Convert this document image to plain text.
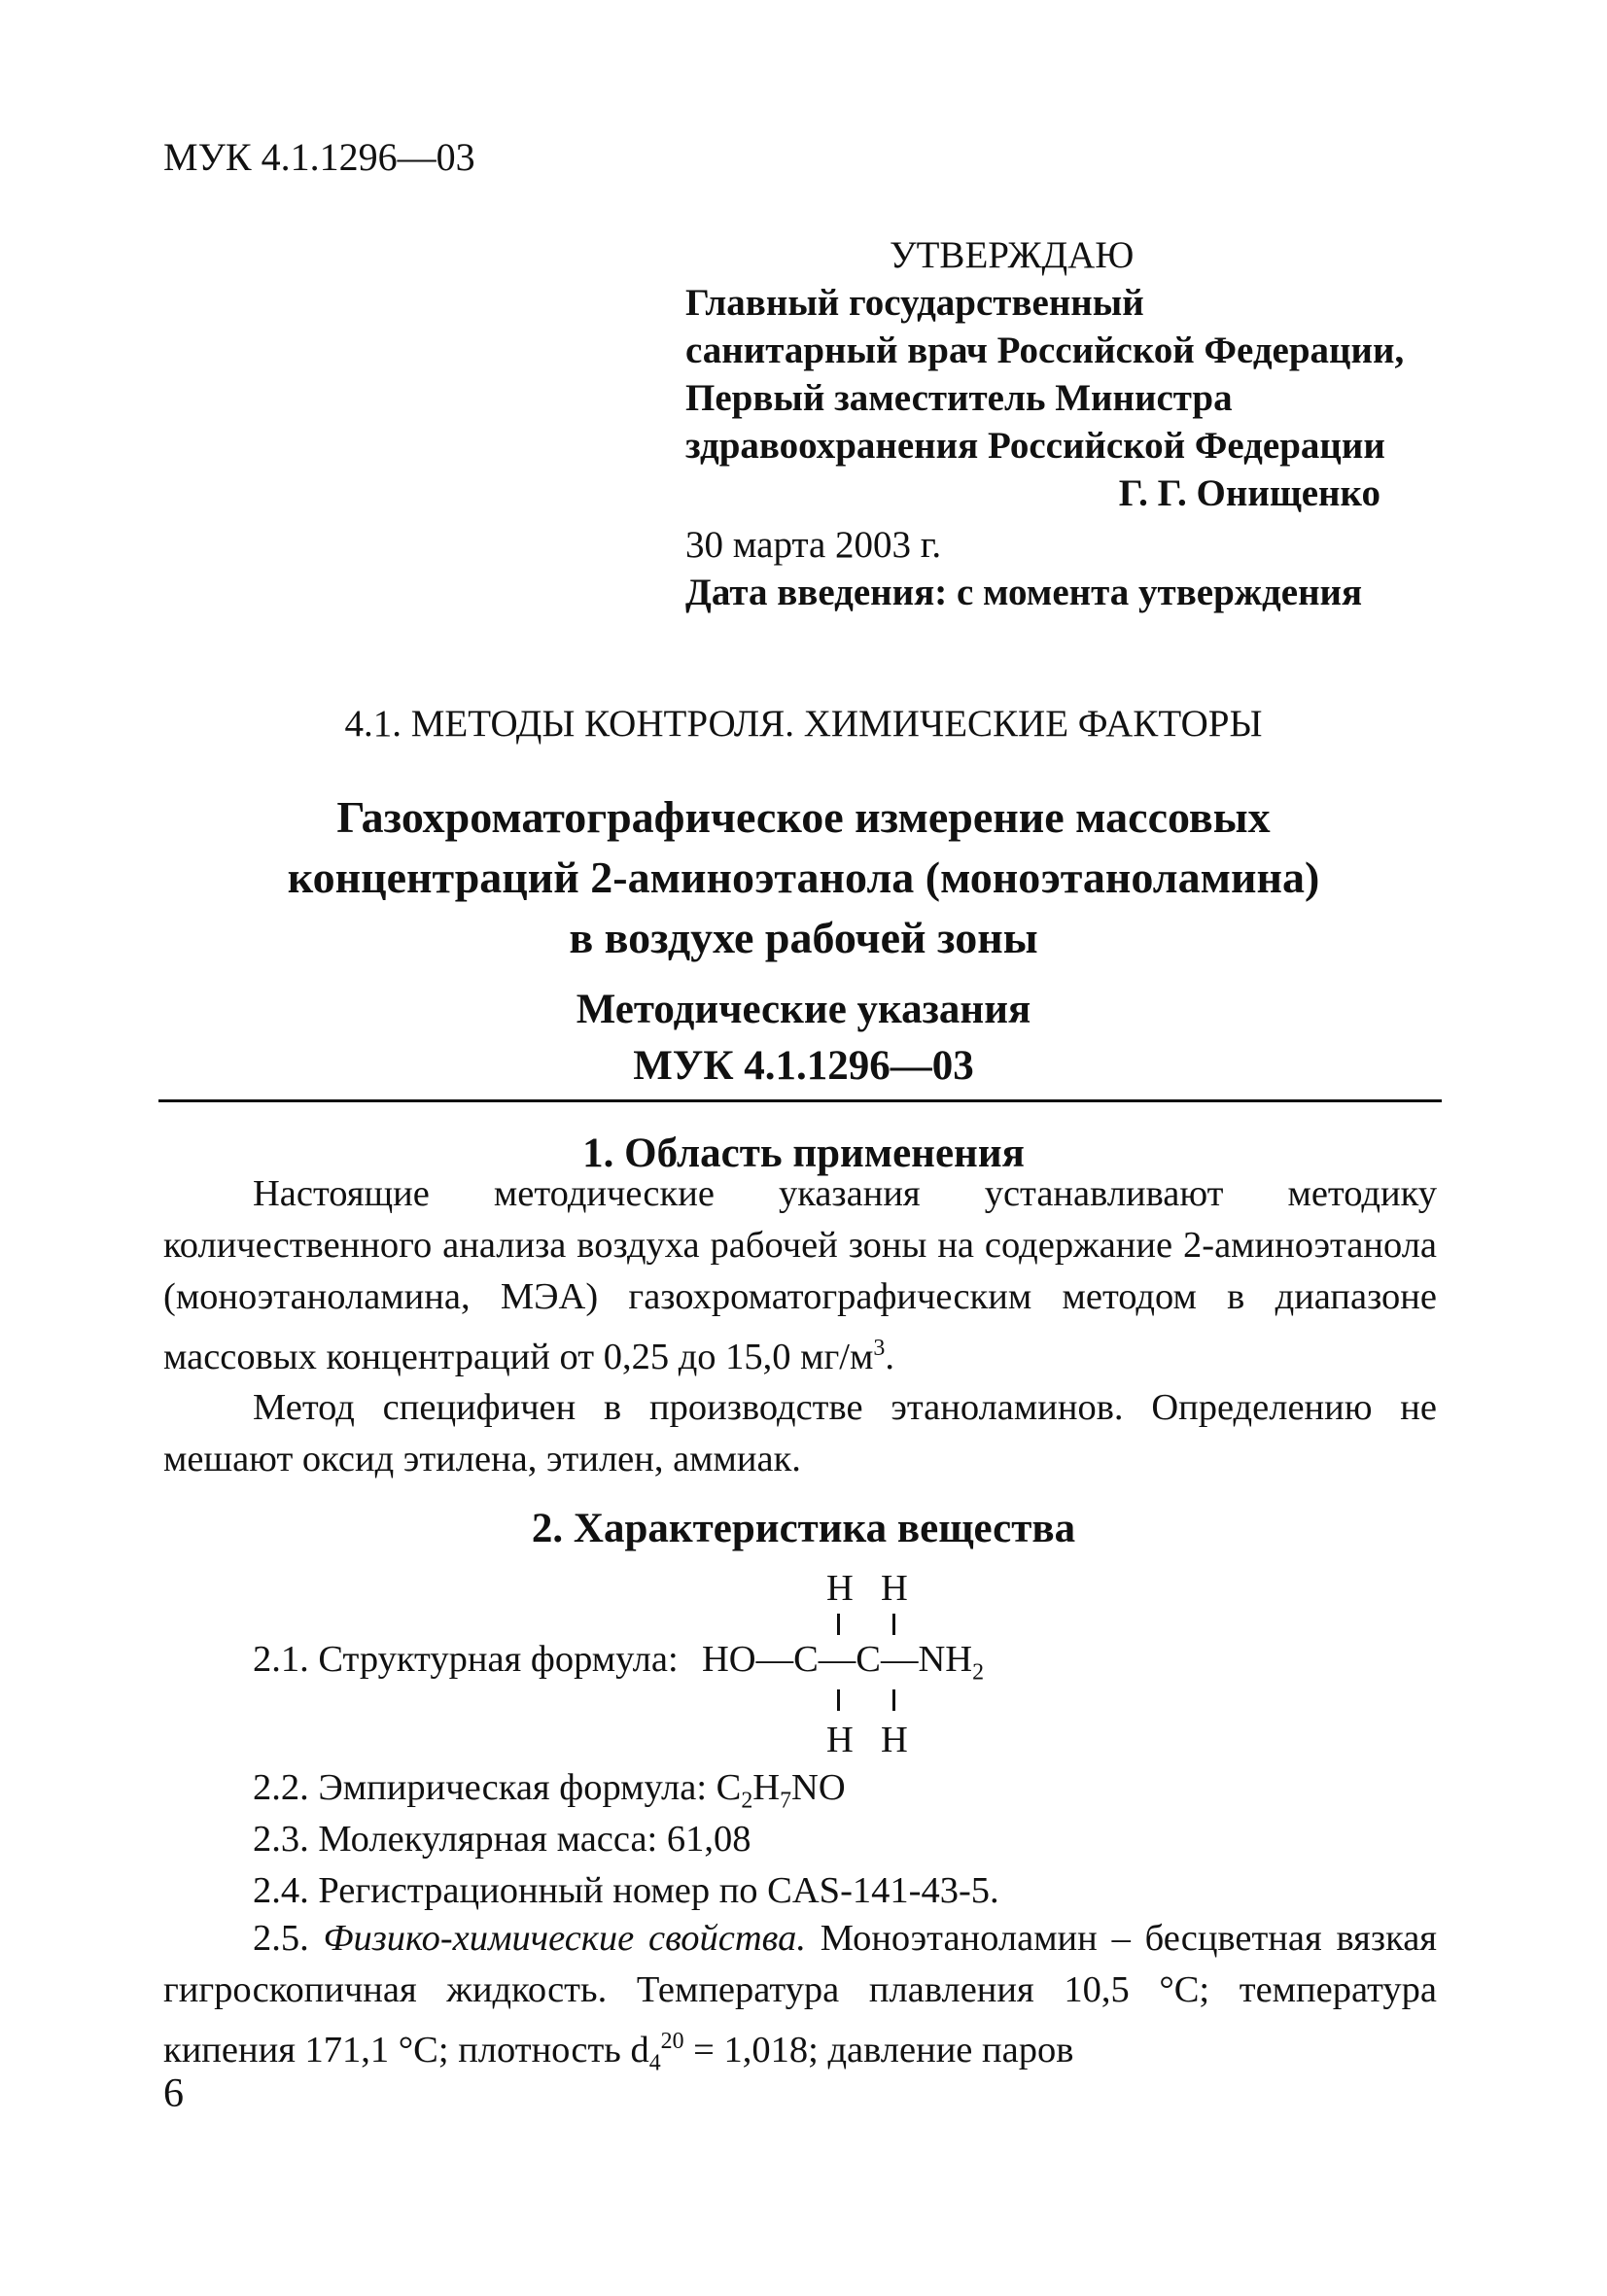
МУК 4.1.1296—03
УТВЕРЖДАЮ
Главный государственный
санитарный врач Российской Федерации,
Первый заместитель Министра
здравоохранения Российской Федерации
Г. Г. Онищенко
30 марта 2003 г.
Дата введения: с момента утверждения
4.1. МЕТОДЫ КОНТРОЛЯ. ХИМИЧЕСКИЕ ФАКТОРЫ
Газохроматографическое измерение массовых
концентраций 2-аминоэтанола (моноэтаноламина)
в воздухе рабочей зоны
Методические указания
МУК 4.1.1296—03
1. Область применения

Настоящие методические указания устанавливают методику количественного анализа воздуха рабочей зоны на содержание 2-аминоэтанола (моноэтаноламина, МЭА) газохроматографическим методом в диапазоне массовых концентраций от 0,25 до 15,0 $мг/м^3$.

Метод специфичен в производстве этаноламинов. Определению не мешают оксид этилена, этилен, аммиак.

2. Характеристика вещества
2.1. Структурная формула:
H H
$HO—C—C—NH_2$
H H
2.2. Эмпирическая формула: $C_2H_7NO$
2.3. Молекулярная масса: 61,08
2.4. Регистрационный номер по CAS-141-43-5.

2.5. Физико-химические свойства. Моноэтаноламин – бесцветная вязкая гигроскопичная жидкость. Температура плавления 10,5 °С; температура кипения 171,1 °С; плотность $d_4^{20} = 1,018$; давление паров

6
